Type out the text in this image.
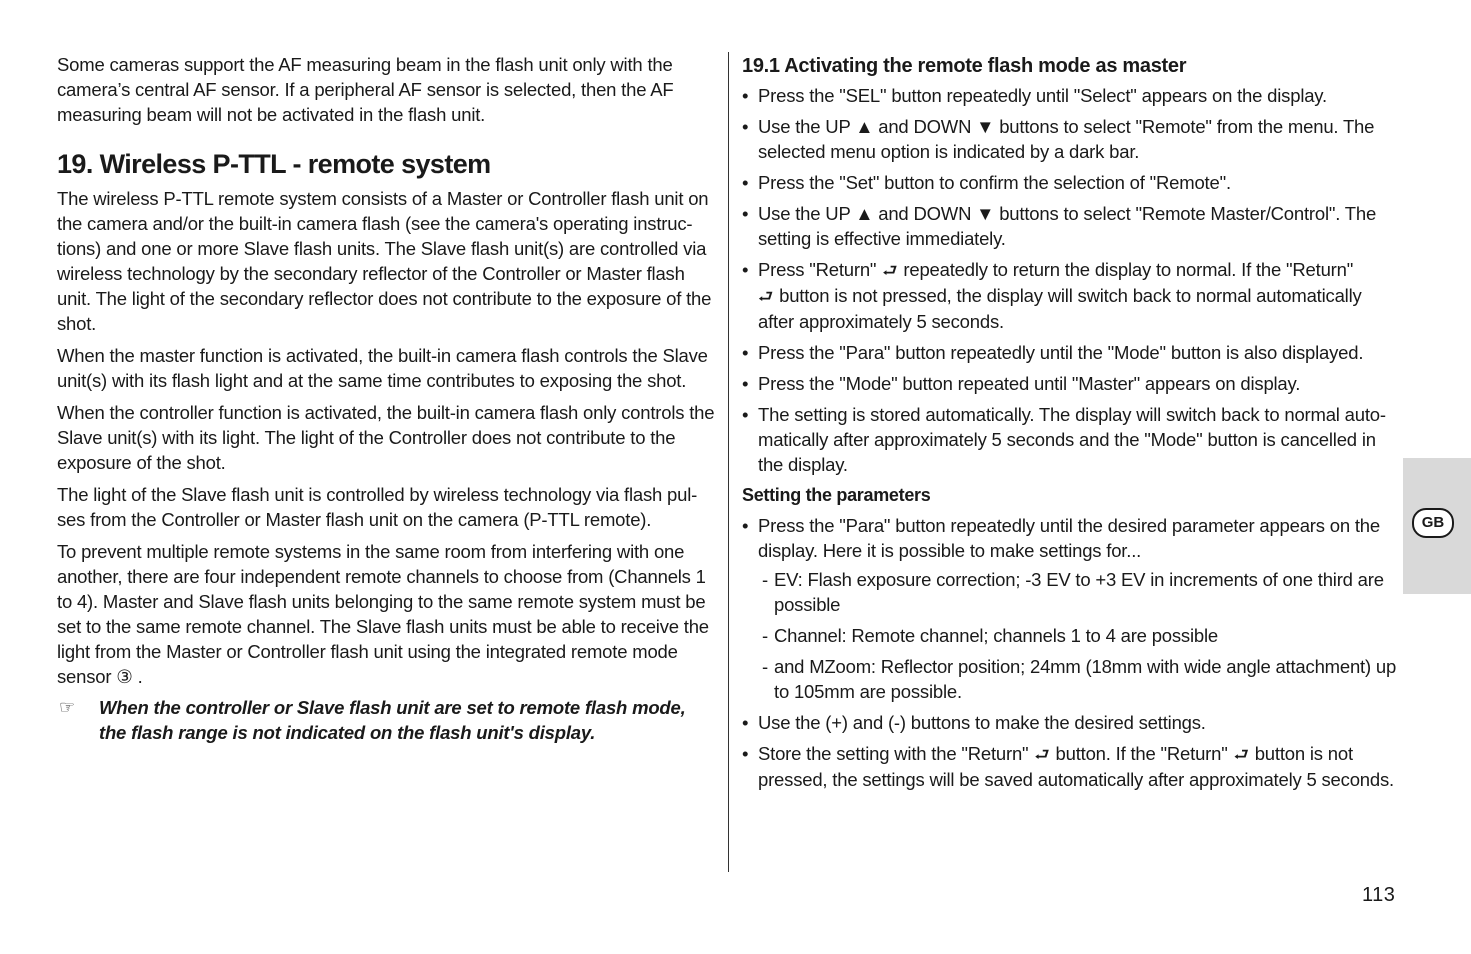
Some cameras support the AF measuring beam in the flash unit only with the camera’s central AF sensor. If a peripheral AF sensor is selected, then the AF measuring beam will not be activated in the flash unit.

19. Wireless P-TTL - remote system

The wireless P-TTL remote system consists of a Master or Controller flash unit on the camera and/or the built-in camera flash (see the camera's operating instruc-tions) and one or more Slave flash units. The Slave flash unit(s) are controlled via wireless technology by the secondary reflector of the Controller or Master flash unit. The light of the secondary reflector does not contribute to the exposure of the shot.

When the master function is activated, the built-in camera flash controls the Slave unit(s) with its flash light and at the same time contributes to exposing the shot.

When the controller function is activated, the built-in camera flash only controls the Slave unit(s) with its light. The light of the Controller does not contribute to the exposure of the shot.

The light of the Slave flash unit is controlled by wireless technology via flash pul-ses from the Controller or Master flash unit on the camera (P-TTL remote).

To prevent multiple remote systems in the same room from interfering with one another, there are four independent remote channels to choose from (Channels 1 to 4). Master and Slave flash units belonging to the same remote system must be set to the same remote channel. The Slave flash units must be able to receive the light from the Master or Controller flash unit using the integrated remote mode sensor ③ .

☞ When the controller or Slave flash unit are set to remote flash mode, the flash range is not indicated on the flash unit's display.
19.1 Activating the remote flash mode as master
• Press the "SEL" button repeatedly until "Select" appears on the display.
• Use the UP ▲ and DOWN ▼ buttons to select "Remote" from the menu. The selected menu option is indicated by a dark bar.
• Press the "Set" button to confirm the selection of "Remote".
• Use the UP ▲ and DOWN ▼ buttons to select "Remote Master/Control". The setting is effective immediately.
• Press "Return" ⮐ repeatedly to return the display to normal. If the "Return"
⮐ button is not pressed, the display will switch back to normal automatically after approximately 5 seconds.
• Press the "Para" button repeatedly until the "Mode" button is also displayed.
• Press the "Mode" button repeated until "Master" appears on display.
• The setting is stored automatically. The display will switch back to normal auto-matically after approximately 5 seconds and the "Mode" button is cancelled in the display.
Setting the parameters
• Press the "Para" button repeatedly until the desired parameter appears on the display. Here it is possible to make settings for...
- EV: Flash exposure correction; -3 EV to +3 EV in increments of one third are possible
- Channel: Remote channel; channels 1 to 4 are possible
- and MZoom: Reflector position; 24mm (18mm with wide angle attachment) up to 105mm are possible.
• Use the (+) and (-) buttons to make the desired settings.
• Store the setting with the "Return" ⮐ button. If the "Return" ⮐ button is not pressed, the settings will be saved automatically after approximately 5 seconds.
GB
113
